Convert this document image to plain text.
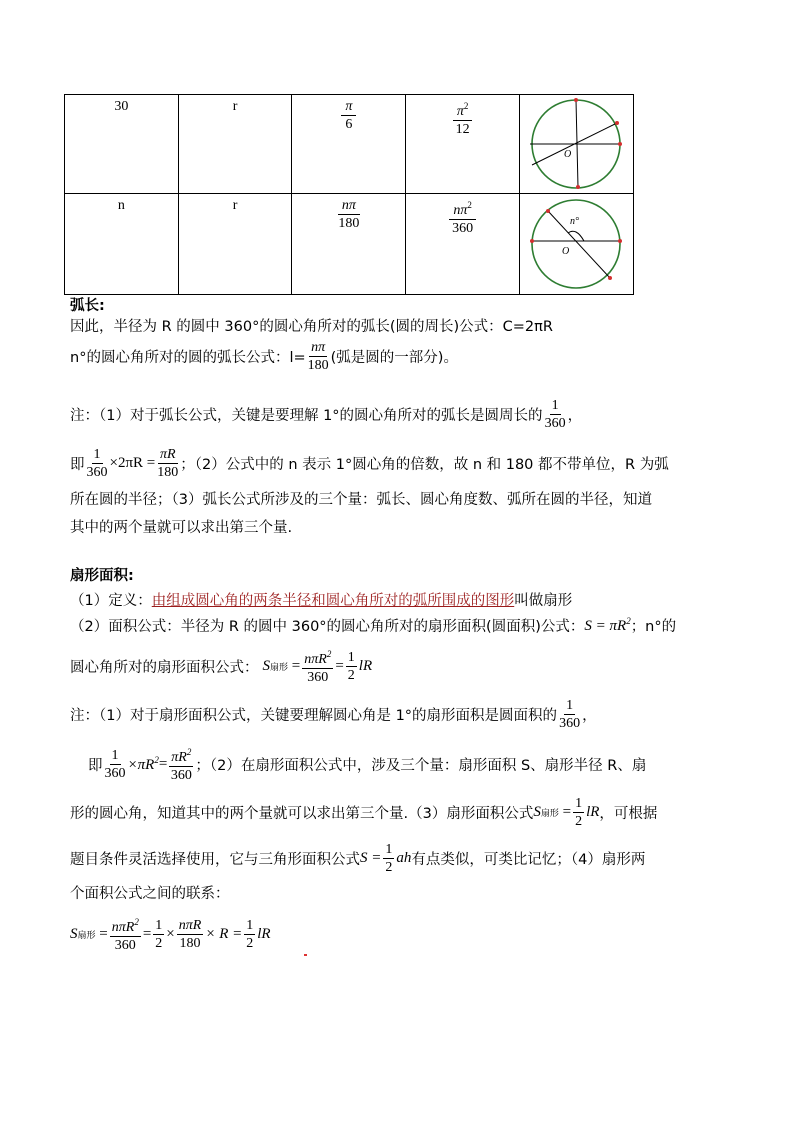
30	r	$\frac{\pi}{6}$	$\frac{\pi^2}{12}$	O

n	r	$\frac{n\pi}{180}$	$\frac{n\pi^2}{360}$	n°
O
弧长:
因此，半径为 R 的圆中 360°的圆心角所对的弧长(圆的周长)公式：C=2πR
n°的圆心角所对的圆的弧长公式：$l= \frac{n\pi}{180}$ (弧是圆的一部分)。
注：（1）对于弧长公式，关键是要理解 1°的圆心角所对的弧长是圆周长的 $\frac{1}{360}$ ，
即 $\frac{1}{360} \times 2\pi R = \frac{\pi R}{180}$ ；（2）公式中的 n 表示 1°圆心角的倍数，故 n 和 180 都不带单位，R 为弧
所在圆的半径；（3）弧长公式所涉及的三个量：弧长、圆心角度数、弧所在圆的半径，知道
其中的两个量就可以求出第三个量.
扇形面积:
（1）定义：由组成圆心角的两条半径和圆心角所对的弧所围成的图形叫做扇形
（2）面积公式：半径为 R 的圆中 360°的圆心角所对的扇形面积(圆面积)公式： $S = \pi R^2$ ；n°的
圆心角所对的扇形面积公式： S 扇形 = nπR$^2$
360
= $\frac{1}{2}$ lR
注：（1）对于扇形面积公式，关键要理解圆心角是 1°的扇形面积是圆面积的 $\frac{1}{360}$ ，
即 $\frac{1}{360} \times\pi R^2 = \frac{\pi R^2}{360}$ ；（2）在扇形面积公式中，涉及三个量：扇形面积 S、扇形半径 R、扇
形的圆心角，知道其中的两个量就可以求出第三个量.（3）扇形面积公式 S 扇形 = $\frac{1}{2}$ lR ，可根据
题目条件灵活选择使用，它与三角形面积公式 $S = \frac{1}{2}$ ah 有点类似，可类比记忆；（4）扇形两
个面积公式之间的联系：
S 扇形 = nπR$^2$
360
= $\frac{1}{2}$ ×
nπR
180
× $R = \frac{1}{2}$ lR
